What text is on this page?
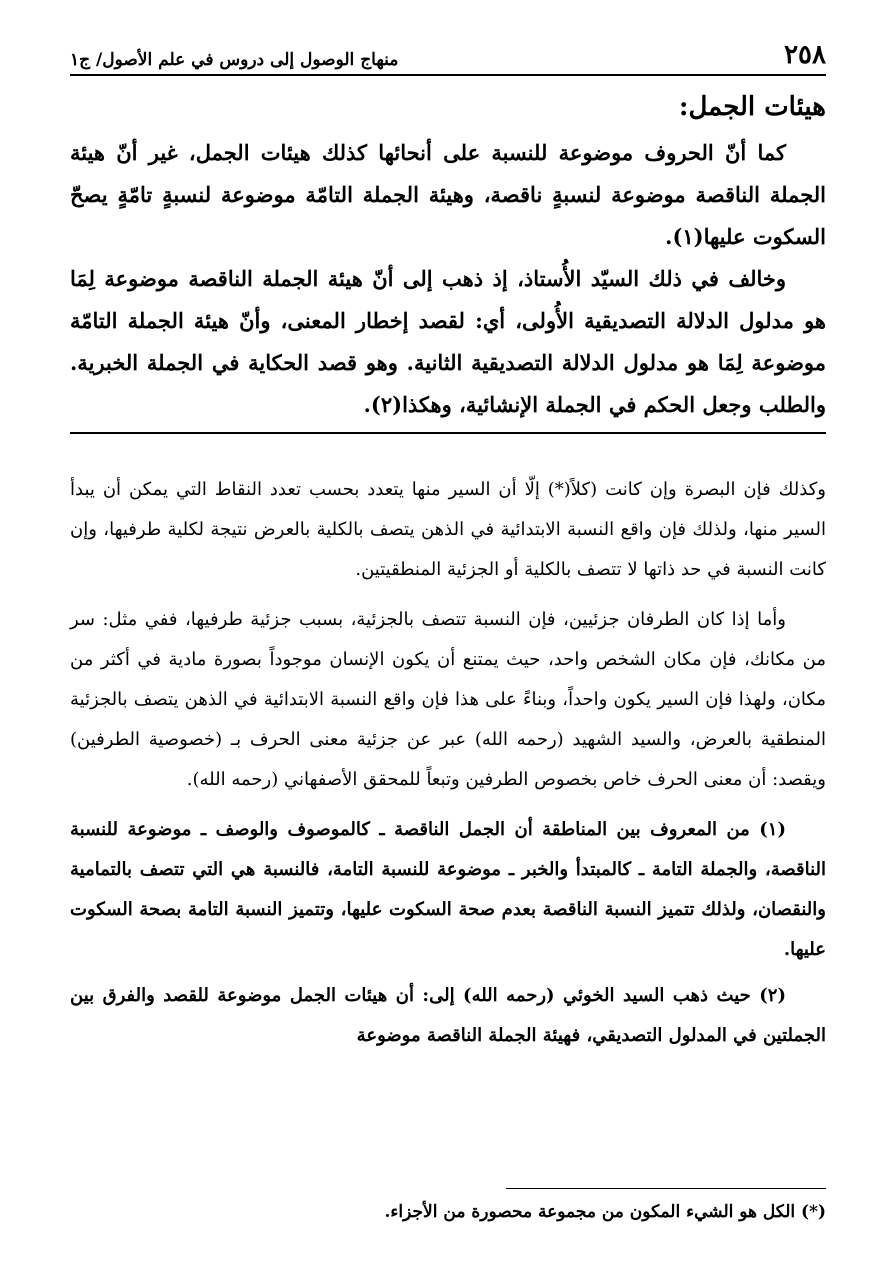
٢٥٨
منهاج الوصول إلى دروس في علم الأصول/ ج١
هيئات الجمل:

كما أنّ الحروف موضوعة للنسبة على أنحائها كذلك هيئات الجمل، غير أنّ هيئة الجملة الناقصة موضوعة لنسبةٍ ناقصة، وهيئة الجملة التامّة موضوعة لنسبةٍ تامّةٍ يصحّ السكوت عليها(١).

وخالف في ذلك السيّد الأُستاذ، إذ ذهب إلى أنّ هيئة الجملة الناقصة موضوعة لِمَا هو مدلول الدلالة التصديقية الأُولى، أي: لقصد إخطار المعنى، وأنّ هيئة الجملة التامّة موضوعة لِمَا هو مدلول الدلالة التصديقية الثانية. وهو قصد الحكاية في الجملة الخبرية. والطلب وجعل الحكم في الجملة الإنشائية، وهكذا(٢).

وكذلك فإن البصرة وإن كانت (كلاً(*) إلّا أن السير منها يتعدد بحسب تعدد النقاط التي يمكن أن يبدأ السير منها، ولذلك فإن واقع النسبة الابتدائية في الذهن يتصف بالكلية بالعرض نتيجة لكلية طرفيها، وإن كانت النسبة في حد ذاتها لا تتصف بالكلية أو الجزئية المنطقيتين.

وأما إذا كان الطرفان جزئيين، فإن النسبة تتصف بالجزئية، بسبب جزئية طرفيها، ففي مثل: سر من مكانك، فإن مكان الشخص واحد، حيث يمتنع أن يكون الإنسان موجوداً بصورة مادية في أكثر من مكان، ولهذا فإن السير يكون واحداً، وبناءً على هذا فإن واقع النسبة الابتدائية في الذهن يتصف بالجزئية المنطقية بالعرض، والسيد الشهيد (رحمه الله) عبر عن جزئية معنى الحرف بـ (خصوصية الطرفين) ويقصد: أن معنى الحرف خاص بخصوص الطرفين وتبعاً للمحقق الأصفهاني (رحمه الله).

(١) من المعروف بين المناطقة أن الجمل الناقصة ـ كالموصوف والوصف ـ موضوعة للنسبة الناقصة، والجملة التامة ـ كالمبتدأ والخبر ـ موضوعة للنسبة التامة، فالنسبة هي التي تتصف بالتمامية والنقصان، ولذلك تتميز النسبة الناقصة بعدم صحة السكوت عليها، وتتميز النسبة التامة بصحة السكوت عليها.

(٢) حيث ذهب السيد الخوئي (رحمه الله) إلى: أن هيئات الجمل موضوعة للقصد والفرق بين الجملتين في المدلول التصديقي، فهيئة الجملة الناقصة موضوعة

(*) الكل هو الشيء المكون من مجموعة محصورة من الأجزاء.
